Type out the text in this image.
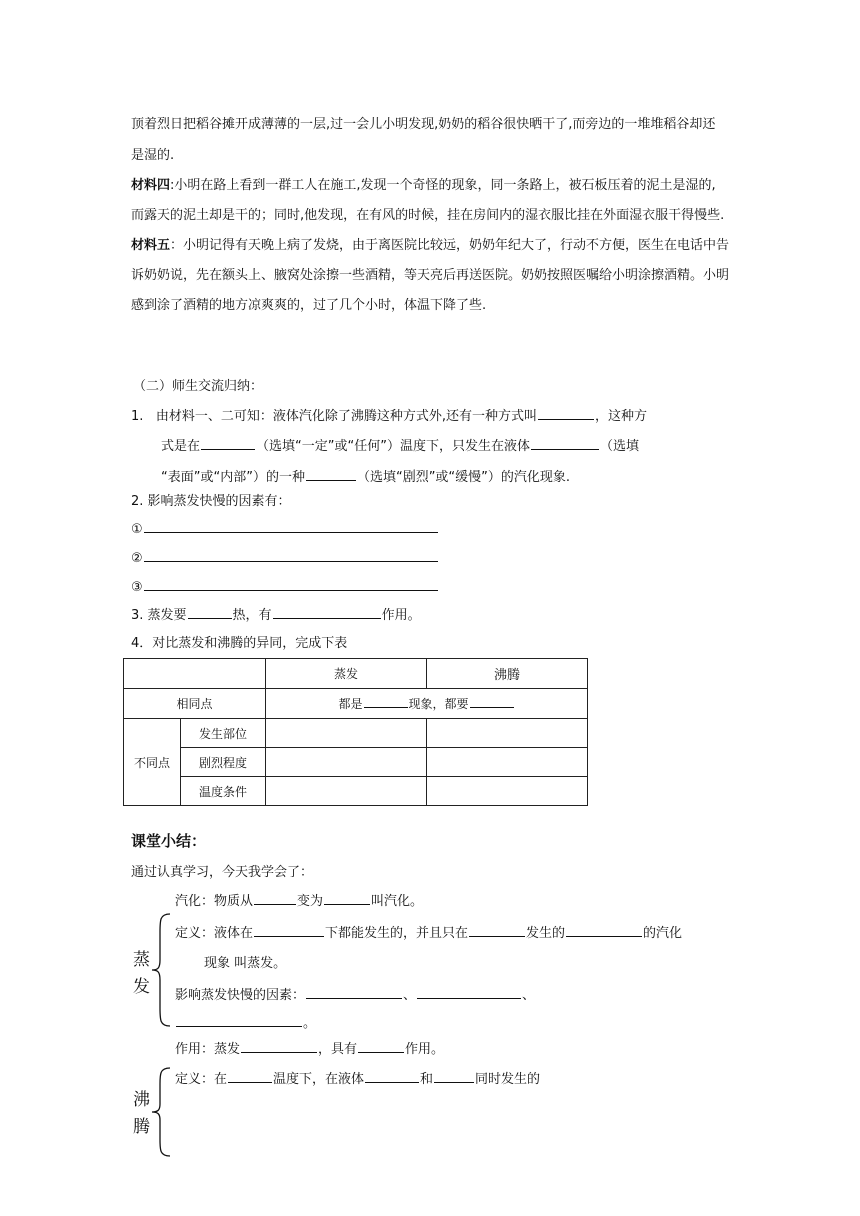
顶着烈日把稻谷摊开成薄薄的一层,过一会儿小明发现,奶奶的稻谷很快晒干了,而旁边的一堆堆稻谷却还
是湿的.
材料四:小明在路上看到一群工人在施工,发现一个奇怪的现象，同一条路上，被石板压着的泥土是湿的,
而露天的泥土却是干的；同时,他发现，在有风的时候，挂在房间内的湿衣服比挂在外面湿衣服干得慢些.
材料五：小明记得有天晚上病了发烧，由于离医院比较远，奶奶年纪大了，行动不方便，医生在电话中告
诉奶奶说，先在额头上、腋窝处涂擦一些酒精，等天亮后再送医院。奶奶按照医嘱给小明涂擦酒精。小明
感到涂了酒精的地方凉爽爽的，过了几个小时，体温下降了些.
（二）师生交流归纳：
1. 由材料一、二可知：液体汽化除了沸腾这种方式外,还有一种方式叫	，这种方
式是在	（选填“一定”或“任何”）温度下，只发生在液体	（选填
“表面”或“内部”）的一种	（选填“剧烈”或“缓慢”）的汽化现象.
2. 影响蒸发快慢的因素有：
①
②
③
3. 蒸发要	热，有	作用。
4．对比蒸发和沸腾的异同，完成下表
		蒸发	沸腾
相同点		都是 现象，都要	
不同点	发生部位		
	剧烈程度		
	温度条件		
课堂小结：
通过认真学习，今天我学会了：
汽化：物质从	变为	叫汽化。
蒸
发
定义：液体在	下都能发生的，并且只在	发生的	的汽化
现象 叫蒸发。
影响蒸发快慢的因素：	、	、
。
作用：蒸发	，具有	作用。
沸
腾
定义：在	温度下，在液体	和	同时发生的
